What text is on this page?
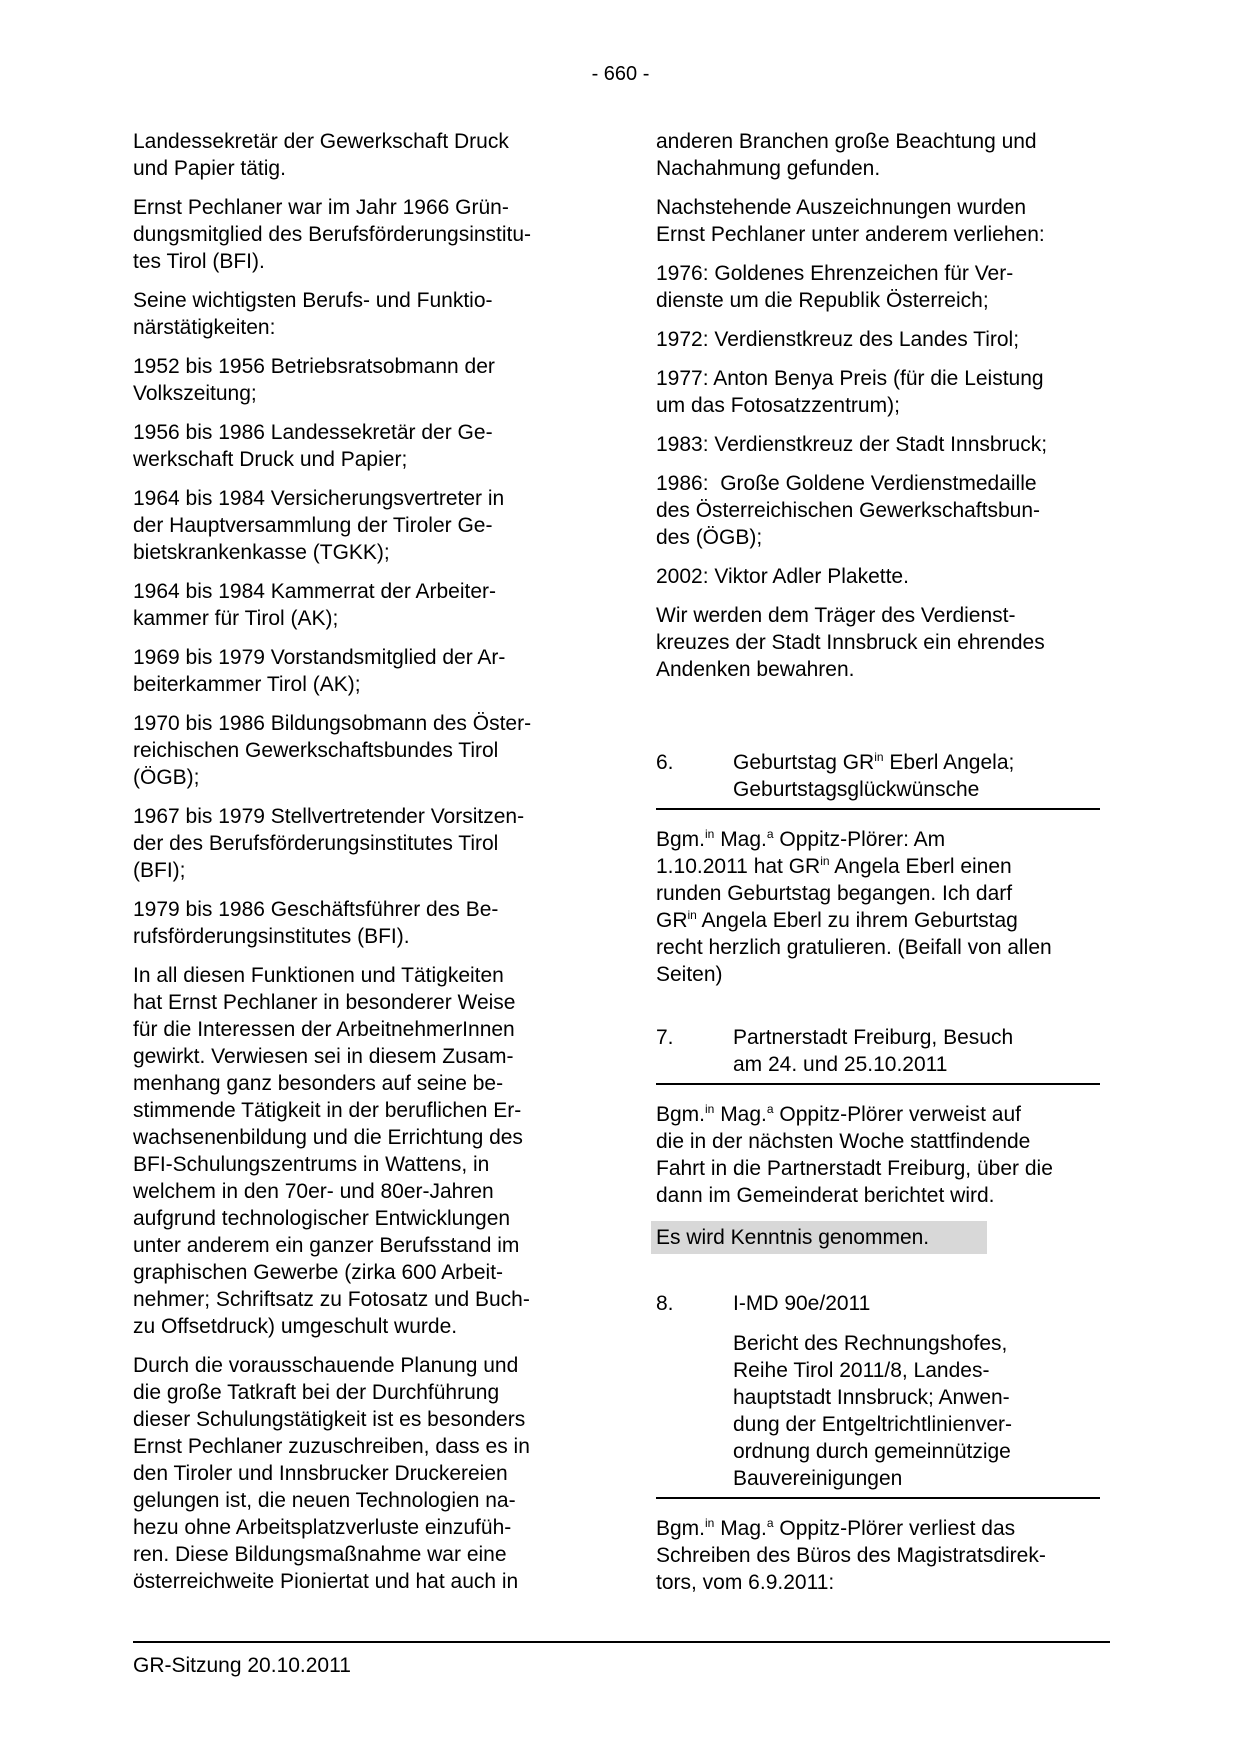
- 660 -

Landessekretär der Gewerkschaft Druck
und Papier tätig.

Ernst Pechlaner war im Jahr 1966 Grün-
dungsmitglied des Berufsförderungsinstitu-
tes Tirol (BFI).

Seine wichtigsten Berufs- und Funktio-
närstätigkeiten:

1952 bis 1956 Betriebsratsobmann der
Volkszeitung;

1956 bis 1986 Landessekretär der Ge-
werkschaft Druck und Papier;

1964 bis 1984 Versicherungsvertreter in
der Hauptversammlung der Tiroler Ge-
bietskrankenkasse (TGKK);

1964 bis 1984 Kammerrat der Arbeiter-
kammer für Tirol (AK);

1969 bis 1979 Vorstandsmitglied der Ar-
beiterkammer Tirol (AK);

1970 bis 1986 Bildungsobmann des Öster-
reichischen Gewerkschaftsbundes Tirol
(ÖGB);

1967 bis 1979 Stellvertretender Vorsitzen-
der des Berufsförderungsinstitutes Tirol
(BFI);

1979 bis 1986 Geschäftsführer des Be-
rufsförderungsinstitutes (BFI).

In all diesen Funktionen und Tätigkeiten
hat Ernst Pechlaner in besonderer Weise
für die Interessen der ArbeitnehmerInnen
gewirkt. Verwiesen sei in diesem Zusam-
menhang ganz besonders auf seine be-
stimmende Tätigkeit in der beruflichen Er-
wachsenenbildung und die Errichtung des
BFI-Schulungszentrums in Wattens, in
welchem in den 70er- und 80er-Jahren
aufgrund technologischer Entwicklungen
unter anderem ein ganzer Berufsstand im
graphischen Gewerbe (zirka 600 Arbeit-
nehmer; Schriftsatz zu Fotosatz und Buch-
zu Offsetdruck) umgeschult wurde.

Durch die vorausschauende Planung und
die große Tatkraft bei der Durchführung
dieser Schulungstätigkeit ist es besonders
Ernst Pechlaner zuzuschreiben, dass es in
den Tiroler und Innsbrucker Druckereien
gelungen ist, die neuen Technologien na-
hezu ohne Arbeitsplatzverluste einzufüh-
ren. Diese Bildungsmaßnahme war eine
österreichweite Pioniertat und hat auch in

anderen Branchen große Beachtung und
Nachahmung gefunden.

Nachstehende Auszeichnungen wurden
Ernst Pechlaner unter anderem verliehen:

1976: Goldenes Ehrenzeichen für Ver-
dienste um die Republik Österreich;

1972: Verdienstkreuz des Landes Tirol;

1977: Anton Benya Preis (für die Leistung
um das Fotosatzzentrum);

1983: Verdienstkreuz der Stadt Innsbruck;

1986:  Große Goldene Verdienstmedaille
des Österreichischen Gewerkschaftsbun-
des (ÖGB);

2002: Viktor Adler Plakette.

Wir werden dem Träger des Verdienst-
kreuzes der Stadt Innsbruck ein ehrendes
Andenken bewahren.

6.	Geburtstag $GR^{in}$ Eberl Angela;
Geburtstagsglückwünsche

Bgm.$^{in}$ Mag.$^a$ Oppitz-Plörer: Am
1.10.2011 hat $GR^{in}$ Angela Eberl einen
runden Geburtstag begangen. Ich darf
$GR^{in}$ Angela Eberl zu ihrem Geburtstag
recht herzlich gratulieren. (Beifall von allen
Seiten)

7.	Partnerstadt Freiburg, Besuch
am 24. und 25.10.2011

Bgm.$^{in}$ Mag.$^a$ Oppitz-Plörer verweist auf
die in der nächsten Woche stattfindende
Fahrt in die Partnerstadt Freiburg, über die
dann im Gemeinderat berichtet wird.

Es wird Kenntnis genommen.
8.	I-MD 90e/2011
Bericht des Rechnungshofes,
Reihe Tirol 2011/8, Landes-
hauptstadt Innsbruck; Anwen-
dung der Entgeltrichtlinienver-
ordnung durch gemeinnützige
Bauvereinigungen

Bgm.$^{in}$ Mag.$^a$ Oppitz-Plörer verliest das
Schreiben des Büros des Magistratsdirek-
tors, vom 6.9.2011:

GR-Sitzung 20.10.2011
